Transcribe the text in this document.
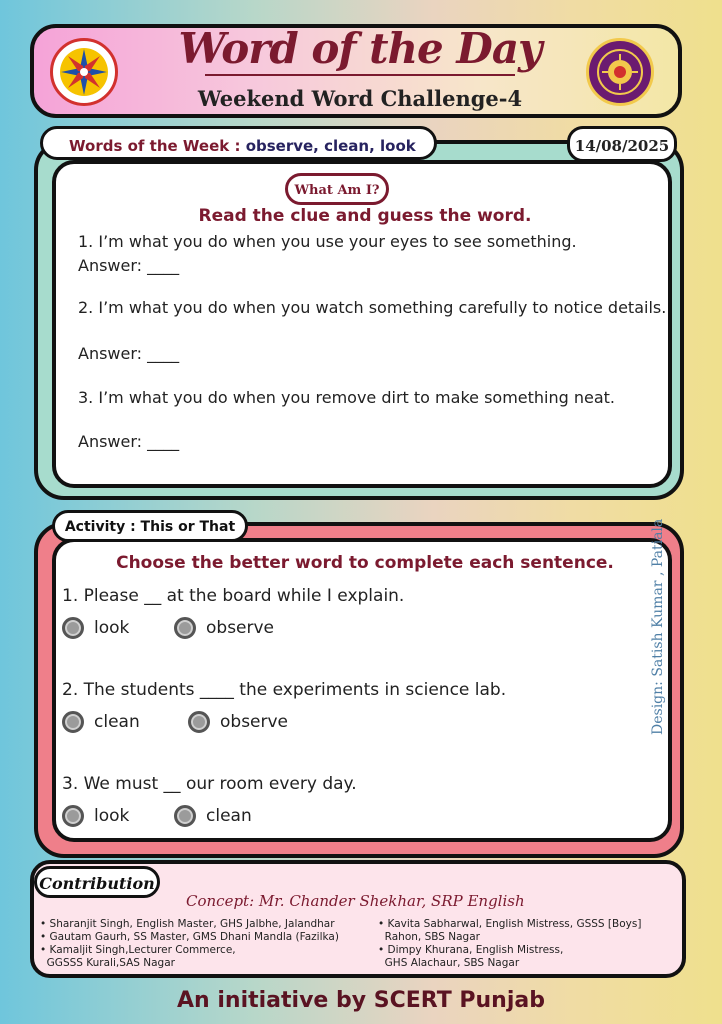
Word of the Day
Weekend Word Challenge-4
Words of the Week : observe, clean, look	14/08/2025
What Am I?
Read the clue and guess the word.
1. I’m what you do when you use your eyes to see something.
Answer: ____
2. I’m what you do when you watch something carefully to notice details.
Answer: ____
3. I’m what you do when you remove dirt to make something neat.
Answer: ____
Activity : This or That
Choose the better word to complete each sentence.
1. Please __ at the board while I explain.
look	observe
2. The students ____ the experiments in science lab.
clean	observe
3. We must __ our room every day.
look	clean
Contribution
Concept: Mr. Chander Shekhar, SRP English
• Sharanjit Singh, English Master, GHS Jalbhe, Jalandhar
• Gautam Gaurh, SS Master, GMS Dhani Mandla (Fazilka)
• Kamaljit Singh,Lecturer Commerce,
GGSSS Kurali,SAS Nagar
• Kavita Sabharwal, English Mistress, GSSS [Boys]
Rahon, SBS Nagar
• Dimpy Khurana, English Mistress,
GHS Alachaur, SBS Nagar
An initiative by SCERT Punjab
Design: Satish Kumar , Patiala
